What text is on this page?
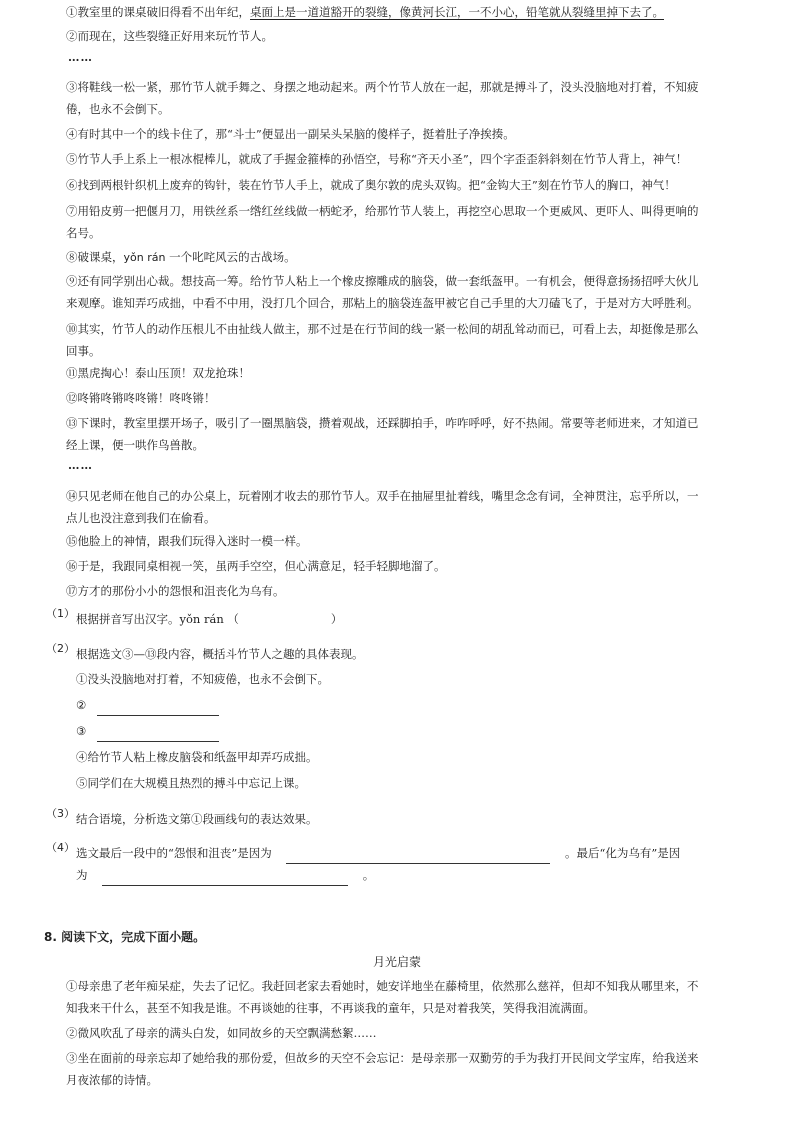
①教室里的课桌破旧得看不出年纪，桌面上是一道道豁开的裂缝，像黄河长江，一不小心，铅笔就从裂缝里掉下去了。

②而现在，这些裂缝正好用来玩竹节人。

……

③将鞋线一松一紧，那竹节人就手舞之、身摆之地动起来。两个竹节人放在一起，那就是搏斗了，没头没脑地对打着，不知疲
倦，也永不会倒下。

④有时其中一个的线卡住了，那“斗士”便显出一副呆头呆脑的傻样子，挺着肚子净挨揍。

⑤竹节人手上系上一根冰棍棒儿，就成了手握金箍棒的孙悟空，号称“齐天小圣”，四个字歪歪斜斜刻在竹节人背上，神气！

⑥找到两根针织机上废弃的钩针，装在竹节人手上，就成了奥尔敦的虎头双钩。把“金钩大王”刻在竹节人的胸口，神气！

⑦用铅皮剪一把偃月刀，用铁丝系一绺红丝线做一柄蛇矛，给那竹节人装上，再挖空心思取一个更威风、更吓人、叫得更响的
名号。

⑧破课桌，yǒn rán 一个叱咤风云的古战场。

⑨还有同学别出心裁。想技高一筹。给竹节人粘上一个橡皮擦雕成的脑袋，做一套纸盔甲。一有机会，便得意扬扬招呼大伙儿
来观摩。谁知弄巧成拙，中看不中用，没打几个回合，那粘上的脑袋连盔甲被它自己手里的大刀磕飞了，于是对方大呼胜利。

⑩其实，竹节人的动作压根儿不由扯线人做主，那不过是在行节间的线一紧一松间的胡乱耸动而已，可看上去，却挺像是那么
回事。

⑪黑虎掏心！泰山压顶！双龙抢珠！

⑫咚锵咚锵咚咚锵！咚咚锵！

⑬下课时，教室里摆开场子，吸引了一圈黑脑袋，攒着观战，还踩脚拍手，咋咋呼呼，好不热闹。常要等老师进来，才知道已
经上课，便一哄作鸟兽散。

……

⑭只见老师在他自己的办公桌上，玩着刚才收去的那竹节人。双手在抽屉里扯着线，嘴里念念有词，全神贯注，忘乎所以，一
点儿也没注意到我们在偷看。

⑮他脸上的神情，跟我们玩得入迷时一模一样。

⑯于是，我跟同桌相视一笑，虽两手空空，但心满意足，轻手轻脚地溜了。

⑰方才的那份小小的怨恨和沮丧化为乌有。

（1） 根据拼音写出汉字。yǒn rán （	）
（2） 根据选文③—⑬段内容，概括斗竹节人之趣的具体表现。
①没头没脑地对打着，不知疲倦，也永不会倒下。
②
③
④给竹节人粘上橡皮脑袋和纸盔甲却弄巧成拙。
⑤同学们在大规模且热烈的搏斗中忘记上课。
（3） 结合语境，分析选文第①段画线句的表达效果。
（4） 选文最后一段中的“怨恨和沮丧”是因为	。最后“化为乌有”是因
为	。
8. 阅读下文，完成下面小题。
月光启蒙

①母亲患了老年痴呆症，失去了记忆。我赶回老家去看她时，她安详地坐在藤椅里，依然那么慈祥，但却不知我从哪里来，不
知我来干什么，甚至不知我是谁。不再谈她的往事，不再谈我的童年，只是对着我笑，笑得我泪流满面。

②微风吹乱了母亲的满头白发，如同故乡的天空飘满愁絮……

③坐在面前的母亲忘却了她给我的那份爱，但故乡的天空不会忘记：是母亲那一双勤劳的手为我打开民间文学宝库，给我送来
月夜浓郁的诗情。
